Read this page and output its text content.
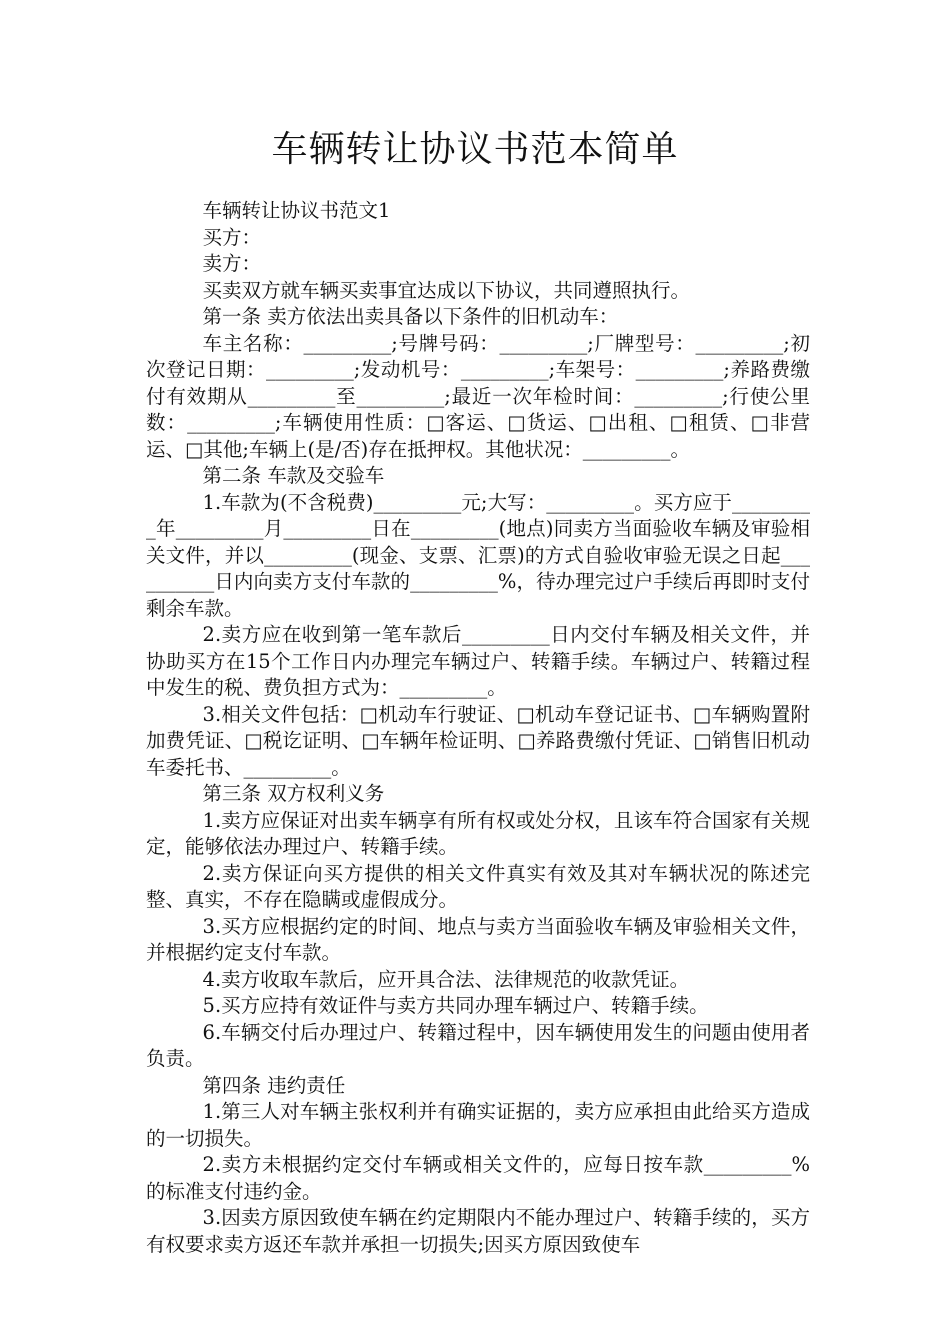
车辆转让协议书范本简单

车辆转让协议书范文1

买方：

卖方：

买卖双方就车辆买卖事宜达成以下协议，共同遵照执行。

第一条 卖方依法出卖具备以下条件的旧机动车：

车主名称：_________;号牌号码：_________;厂牌型号：_________;初次登记日期：_________;发动机号：_________;车架号：_________;养路费缴付有效期从_________至_________;最近一次年检时间：_________;行使公里数：_________;车辆使用性质：□客运、□货运、□出租、□租赁、□非营运、□其他;车辆上(是/否)存在抵押权。其他状况：_________。

第二条 车款及交验车

1.车款为(不含税费)_________元;大写：_________。买方应于_________年_________月_________日在_________(地点)同卖方当面验收车辆及审验相关文件，并以_________(现金、支票、汇票)的方式自验收审验无误之日起__________日内向卖方支付车款的_________%，待办理完过户手续后再即时支付剩余车款。

2.卖方应在收到第一笔车款后_________日内交付车辆及相关文件，并协助买方在15个工作日内办理完车辆过户、转籍手续。车辆过户、转籍过程中发生的税、费负担方式为：_________。

3.相关文件包括：□机动车行驶证、□机动车登记证书、□车辆购置附加费凭证、□税讫证明、□车辆年检证明、□养路费缴付凭证、□销售旧机动车委托书、_________。

第三条 双方权利义务

1.卖方应保证对出卖车辆享有所有权或处分权，且该车符合国家有关规定，能够依法办理过户、转籍手续。

2.卖方保证向买方提供的相关文件真实有效及其对车辆状况的陈述完整、真实，不存在隐瞒或虚假成分。

3.买方应根据约定的时间、地点与卖方当面验收车辆及审验相关文件，并根据约定支付车款。

4.卖方收取车款后，应开具合法、法律规范的收款凭证。

5.买方应持有效证件与卖方共同办理车辆过户、转籍手续。

6.车辆交付后办理过户、转籍过程中，因车辆使用发生的问题由使用者负责。

第四条 违约责任

1.第三人对车辆主张权利并有确实证据的，卖方应承担由此给买方造成的一切损失。

2.卖方未根据约定交付车辆或相关文件的，应每日按车款_________%的标准支付违约金。

3.因卖方原因致使车辆在约定期限内不能办理过户、转籍手续的，买方有权要求卖方返还车款并承担一切损失;因买方原因致使车
